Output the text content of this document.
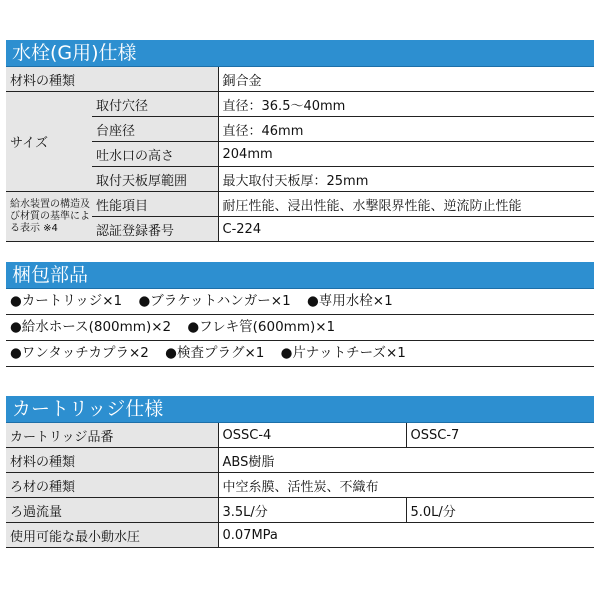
水栓(G用)仕様
材料の種類		銅合金
サイズ	取付穴径	直径：36.5〜40mm
	台座径	直径：46mm
	吐水口の高さ	204mm
	取付天板厚範囲	最大取付天板厚：25mm
給水装置の構造及び材質の基準による表示 ※4	性能項目	耐圧性能、浸出性能、水撃限界性能、逆流防止性能
	認証登録番号	C-224
梱包部品
●カートリッジ×1 ●ブラケットハンガー×1 ●専用水栓×1
●給水ホース(800mm)×2 ●フレキ管(600mm)×1
●ワンタッチカプラ×2 ●検査プラグ×1 ●片ナットチーズ×1
カートリッジ仕様
カートリッジ品番	OSSC-4	OSSC-7
材料の種類	ABS樹脂	
ろ材の種類	中空糸膜、活性炭、不織布	
ろ過流量	3.5L/分	5.0L/分
使用可能な最小動水圧	0.07MPa	
